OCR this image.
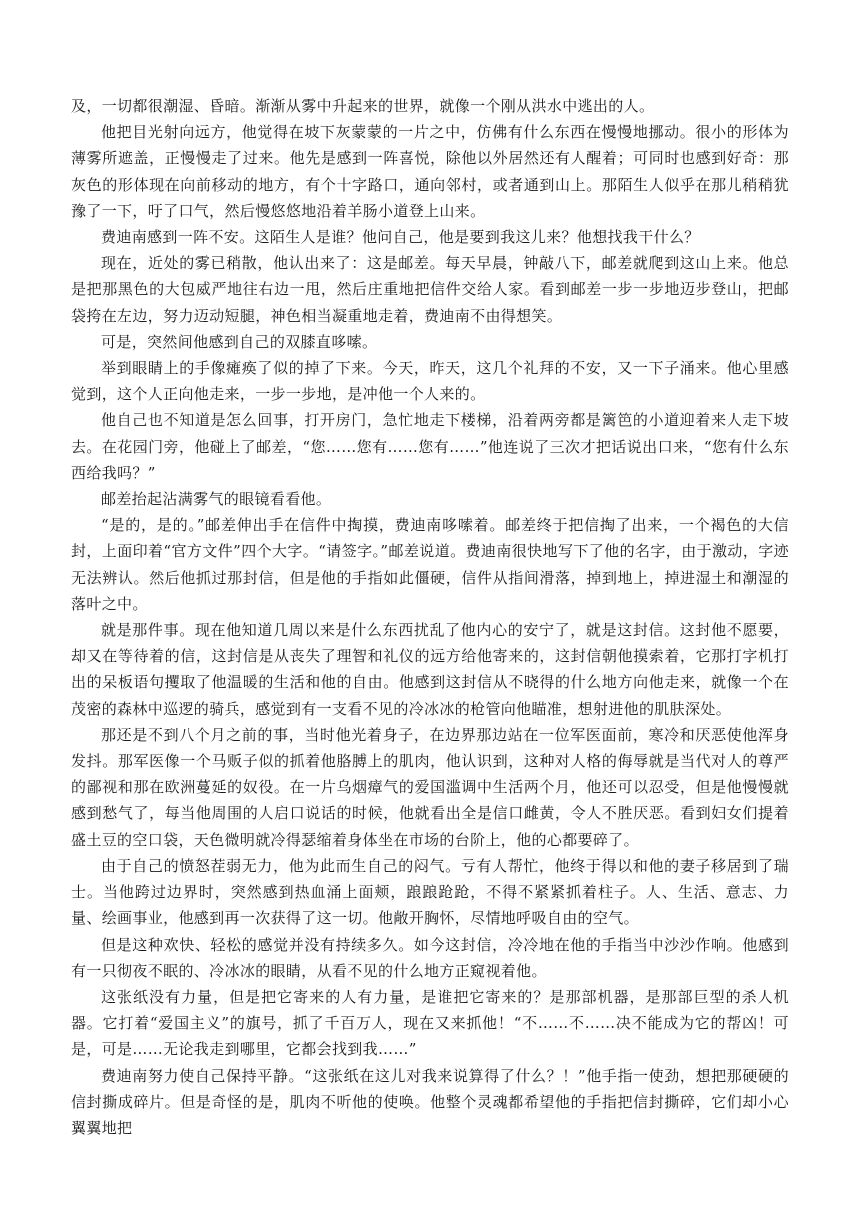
及，一切都很潮湿、昏暗。渐渐从雾中升起来的世界，就像一个刚从洪水中逃出的人。

他把目光射向远方，他觉得在坡下灰蒙蒙的一片之中，仿佛有什么东西在慢慢地挪动。很小的形体为薄雾所遮盖，正慢慢走了过来。他先是感到一阵喜悦，除他以外居然还有人醒着；可同时也感到好奇：那灰色的形体现在向前移动的地方，有个十字路口，通向邻村，或者通到山上。那陌生人似乎在那儿稍稍犹豫了一下，吁了口气，然后慢悠悠地沿着羊肠小道登上山来。

费迪南感到一阵不安。这陌生人是谁？他问自己，他是要到我这儿来？他想找我干什么？

现在，近处的雾已稍散，他认出来了：这是邮差。每天早晨，钟敲八下，邮差就爬到这山上来。他总是把那黑色的大包威严地往右边一甩，然后庄重地把信件交给人家。看到邮差一步一步地迈步登山，把邮袋挎在左边，努力迈动短腿，神色相当凝重地走着，费迪南不由得想笑。

可是，突然间他感到自己的双膝直哆嗦。

举到眼睛上的手像瘫痪了似的掉了下来。今天，昨天，这几个礼拜的不安，又一下子涌来。他心里感觉到，这个人正向他走来，一步一步地，是冲他一个人来的。

他自己也不知道是怎么回事，打开房门，急忙地走下楼梯，沿着两旁都是篱笆的小道迎着来人走下坡去。在花园门旁，他碰上了邮差，“您……您有……您有……”他连说了三次才把话说出口来，“您有什么东西给我吗？”

邮差抬起沾满雾气的眼镜看看他。

“是的，是的。”邮差伸出手在信件中掏摸，费迪南哆嗦着。邮差终于把信掏了出来，一个褐色的大信封，上面印着“官方文件”四个大字。“请签字。”邮差说道。费迪南很快地写下了他的名字，由于激动，字迹无法辨认。然后他抓过那封信，但是他的手指如此僵硬，信件从指间滑落，掉到地上，掉进湿土和潮湿的落叶之中。

就是那件事。现在他知道几周以来是什么东西扰乱了他内心的安宁了，就是这封信。这封他不愿要，却又在等待着的信，这封信是从丧失了理智和礼仪的远方给他寄来的，这封信朝他摸索着，它那打字机打出的呆板语句攫取了他温暖的生活和他的自由。他感到这封信从不晓得的什么地方向他走来，就像一个在茂密的森林中巡逻的骑兵，感觉到有一支看不见的冷冰冰的枪管向他瞄准，想射进他的肌肤深处。

那还是不到八个月之前的事，当时他光着身子，在边界那边站在一位军医面前，寒冷和厌恶使他浑身发抖。那军医像一个马贩子似的抓着他胳膊上的肌肉，他认识到，这种对人格的侮辱就是当代对人的尊严的鄙视和那在欧洲蔓延的奴役。在一片乌烟瘴气的爱国滥调中生活两个月，他还可以忍受，但是他慢慢就感到愁气了，每当他周围的人启口说话的时候，他就看出全是信口雌黄，令人不胜厌恶。看到妇女们提着盛土豆的空口袋，天色微明就冷得瑟缩着身体坐在市场的台阶上，他的心都要碎了。

由于自己的愤怒茬弱无力，他为此而生自己的闷气。亏有人帮忙，他终于得以和他的妻子移居到了瑞士。当他跨过边界时，突然感到热血涌上面颊，踉踉跄跄，不得不紧紧抓着柱子。人、生活、意志、力量、绘画事业，他感到再一次获得了这一切。他敞开胸怀，尽情地呼吸自由的空气。

但是这种欢快、轻松的感觉并没有持续多久。如今这封信，冷冷地在他的手指当中沙沙作响。他感到有一只彻夜不眠的、冷冰冰的眼睛，从看不见的什么地方正窥视着他。

这张纸没有力量，但是把它寄来的人有力量，是谁把它寄来的？是那部机器，是那部巨型的杀人机器。它打着“爱国主义”的旗号，抓了千百万人，现在又来抓他！“不……不……决不能成为它的帮凶！可是，可是……无论我走到哪里，它都会找到我……”

费迪南努力使自己保持平静。“这张纸在这儿对我来说算得了什么？！”他手指一使劲，想把那硬硬的信封撕成碎片。但是奇怪的是，肌肉不听他的使唤。他整个灵魂都希望他的手指把信封撕碎，它们却小心翼翼地把
